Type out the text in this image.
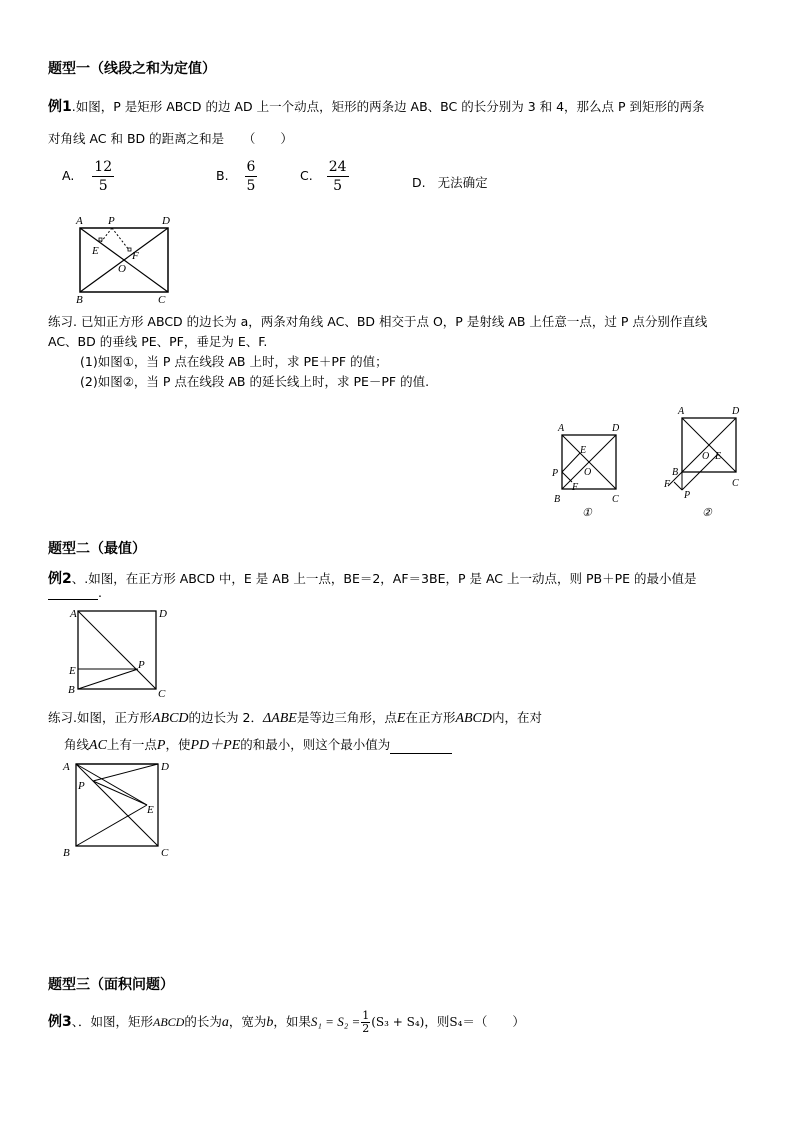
题型一（线段之和为定值）
例1.如图，P 是矩形 ABCD 的边 AD 上一个动点，矩形的两条边 AB、BC 的长分别为 3 和 4，那么点 P 到矩形的两条
对角线 AC 和 BD 的距离之和是　　（　　）
A. $\frac{12}{5}$	B. $\frac{6}{5}$	C. $\frac{24}{5}$	D. 无法确定
A P	D
E	F
O
B	C
练习. 已知正方形 ABCD 的边长为 a，两条对角线 AC、BD 相交于点 O，P 是射线 AB 上任意一点，过 P 点分别作直线
AC、BD 的垂线 PE、PF，垂足为 E、F.
(1)如图①，当 P 点在线段 AB 上时，求 PE＋PF 的值；
(2)如图②，当 P 点在线段 AB 的延长线上时，求 PE－PF 的值.
A	D
E
O
P
F
B	C
①
A	D
O E
B
F
P
C
②
题型二（最值）
例2、.如图，在正方形 ABCD 中，E 是 AB 上一点，BE＝2，AF＝3BE，P 是 AC 上一动点，则 PB＋PE 的最小值是
.
A	D
E	P
B	C
练习.如图，正方形ABCD的边长为 2．ΔABE是等边三角形，点E在正方形ABCD内，在对
角线AC上有一点P，使PD＋PE的和最小，则这个最小值为
A	D
P
E
B	C
题型三（面积问题）
例3、．如图，矩形ABCD的长为a，宽为b，如果$S_1 = S_2 = \frac{1}{2} (S_3 + S_4)$，则S₄＝（　　）
